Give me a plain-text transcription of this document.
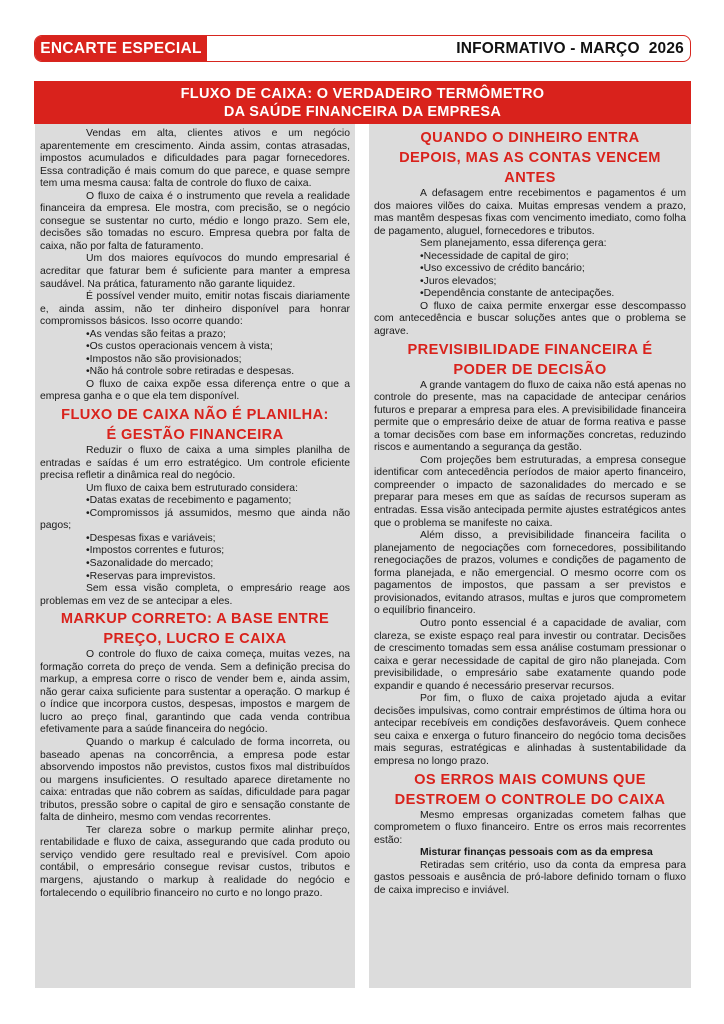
ENCARTE ESPECIAL	INFORMATIVO - MARÇO  2026
FLUXO DE CAIXA: O VERDADEIRO TERMÔMETRO
DA SAÚDE FINANCEIRA DA EMPRESA

Vendas em alta, clientes ativos e um negócio aparentemente em crescimento. Ainda assim, contas atrasadas, impostos acumulados e dificuldades para pagar fornecedores. Essa contradição é mais comum do que parece, e quase sempre tem uma mesma causa: falta de controle do fluxo de caixa.

O fluxo de caixa é o instrumento que revela a realidade financeira da empresa. Ele mostra, com precisão, se o negócio consegue se sustentar no curto, médio e longo prazo. Sem ele, decisões são tomadas no escuro. Empresa quebra por falta de caixa, não por falta de faturamento.

Um dos maiores equívocos do mundo empresarial é acreditar que faturar bem é suficiente para manter a empresa saudável. Na prática, faturamento não garante liquidez.

É possível vender muito, emitir notas fiscais diariamente e, ainda assim, não ter dinheiro disponível para honrar compromissos básicos. Isso ocorre quando:

•As vendas são feitas a prazo;

•Os custos operacionais vencem à vista;

•Impostos não são provisionados;

•Não há controle sobre retiradas e despesas.

O fluxo de caixa expõe essa diferença entre o que a empresa ganha e o que ela tem disponível.

FLUXO DE CAIXA NÃO É PLANILHA:
É GESTÃO FINANCEIRA

Reduzir o fluxo de caixa a uma simples planilha de entradas e saídas é um erro estratégico. Um controle eficiente precisa refletir a dinâmica real do negócio.

Um fluxo de caixa bem estruturado considera:

•Datas exatas de recebimento e pagamento;

•Compromissos já assumidos, mesmo que ainda não pagos;

•Despesas fixas e variáveis;

•Impostos correntes e futuros;

•Sazonalidade do mercado;

•Reservas para imprevistos.

Sem essa visão completa, o empresário reage aos problemas em vez de se antecipar a eles.

MARKUP CORRETO: A BASE ENTRE
PREÇO, LUCRO E CAIXA

O controle do fluxo de caixa começa, muitas vezes, na formação correta do preço de venda. Sem a definição precisa do markup, a empresa corre o risco de vender bem e, ainda assim, não gerar caixa suficiente para sustentar a operação. O markup é o índice que incorpora custos, despesas, impostos e margem de lucro ao preço final, garantindo que cada venda contribua efetivamente para a saúde financeira do negócio.

Quando o markup é calculado de forma incorreta, ou baseado apenas na concorrência, a empresa pode estar absorvendo impostos não previstos, custos fixos mal distribuídos ou margens insuficientes. O resultado aparece diretamente no caixa: entradas que não cobrem as saídas, dificuldade para pagar tributos, pressão sobre o capital de giro e sensação constante de falta de dinheiro, mesmo com vendas recorrentes.

Ter clareza sobre o markup permite alinhar preço, rentabilidade e fluxo de caixa, assegurando que cada produto ou serviço vendido gere resultado real e previsível. Com apoio contábil, o empresário consegue revisar custos, tributos e margens, ajustando o markup à realidade do negócio e fortalecendo o equilíbrio financeiro no curto e no longo prazo.

QUANDO O DINHEIRO ENTRA
DEPOIS, MAS AS CONTAS VENCEM
ANTES

A defasagem entre recebimentos e pagamentos é um dos maiores vilões do caixa. Muitas empresas vendem a prazo, mas mantêm despesas fixas com vencimento imediato, como folha de pagamento, aluguel, fornecedores e tributos.

Sem planejamento, essa diferença gera:

•Necessidade de capital de giro;

•Uso excessivo de crédito bancário;

•Juros elevados;

•Dependência constante de antecipações.

O fluxo de caixa permite enxergar esse descompasso com antecedência e buscar soluções antes que o problema se agrave.

PREVISIBILIDADE FINANCEIRA É
PODER DE DECISÃO

A grande vantagem do fluxo de caixa não está apenas no controle do presente, mas na capacidade de antecipar cenários futuros e preparar a empresa para eles. A previsibilidade financeira permite que o empresário deixe de atuar de forma reativa e passe a tomar decisões com base em informações concretas, reduzindo riscos e aumentando a segurança da gestão.

Com projeções bem estruturadas, a empresa consegue identificar com antecedência períodos de maior aperto financeiro, compreender o impacto de sazonalidades do mercado e se preparar para meses em que as saídas de recursos superam as entradas. Essa visão antecipada permite ajustes estratégicos antes que o problema se manifeste no caixa.

Além disso, a previsibilidade financeira facilita o planejamento de negociações com fornecedores, possibilitando renegociações de prazos, volumes e condições de pagamento de forma planejada, e não emergencial. O mesmo ocorre com os pagamentos de impostos, que passam a ser previstos e provisionados, evitando atrasos, multas e juros que comprometem o equilíbrio financeiro.

Outro ponto essencial é a capacidade de avaliar, com clareza, se existe espaço real para investir ou contratar. Decisões de crescimento tomadas sem essa análise costumam pressionar o caixa e gerar necessidade de capital de giro não planejada. Com previsibilidade, o empresário sabe exatamente quando pode expandir e quando é necessário preservar recursos.

Por fim, o fluxo de caixa projetado ajuda a evitar decisões impulsivas, como contrair empréstimos de última hora ou antecipar recebíveis em condições desfavoráveis. Quem conhece seu caixa e enxerga o futuro financeiro do negócio toma decisões mais seguras, estratégicas e alinhadas à sustentabilidade da empresa no longo prazo.

OS ERROS MAIS COMUNS QUE
DESTROEM O CONTROLE DO CAIXA

Mesmo empresas organizadas cometem falhas que comprometem o fluxo financeiro. Entre os erros mais recorrentes estão:

Misturar finanças pessoais com as da empresa

Retiradas sem critério, uso da conta da empresa para gastos pessoais e ausência de pró-labore definido tornam o fluxo de caixa impreciso e inviável.
